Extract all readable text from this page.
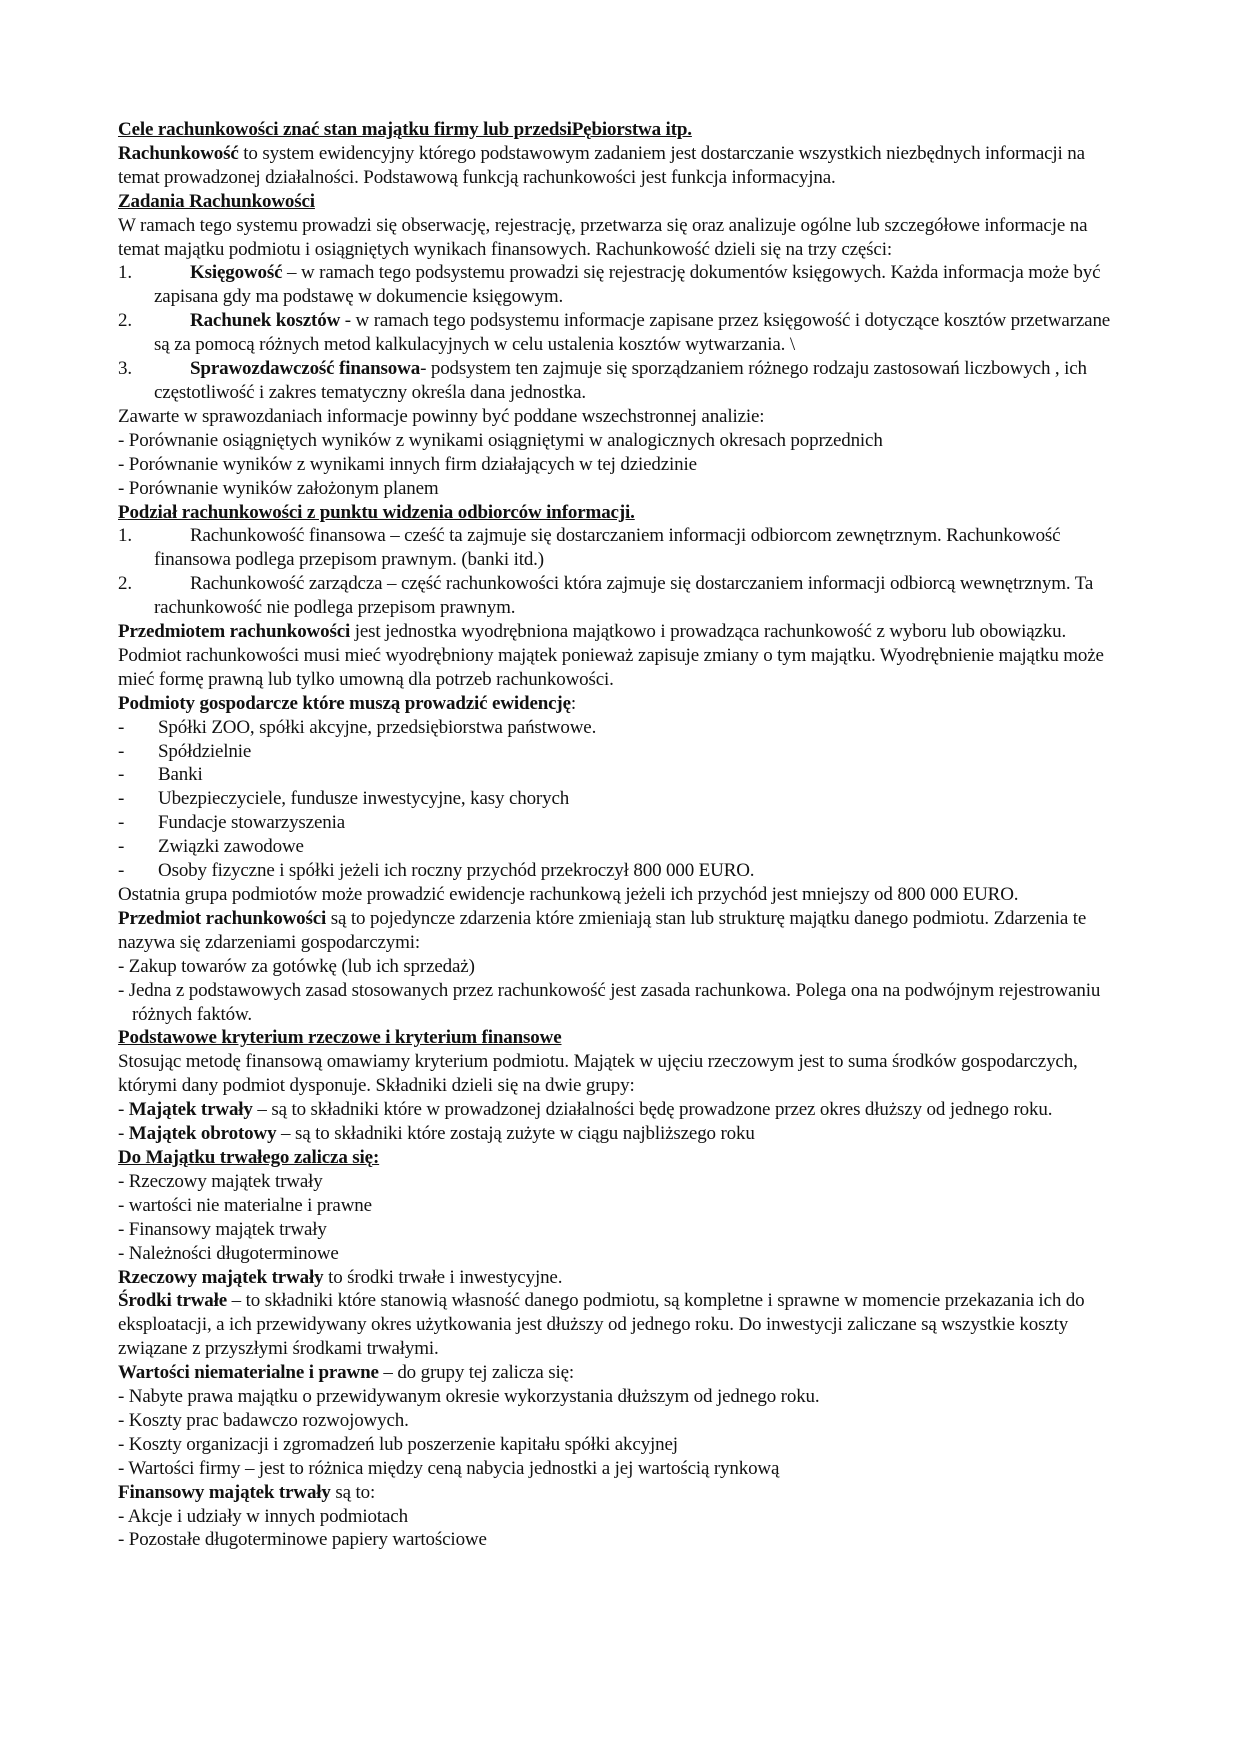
Cele rachunkowości znać stan majątku firmy lub przedsiPębiorstwa itp.

Rachunkowość to system ewidencyjny którego podstawowym zadaniem jest dostarczanie wszystkich niezbędnych informacji na temat prowadzonej działalności. Podstawową funkcją rachunkowości jest funkcja informacyjna.

Zadania Rachunkowości

W ramach tego systemu prowadzi się obserwację, rejestrację, przetwarza się oraz analizuje ogólne lub szczegółowe informacje na temat majątku podmiotu i osiągniętych wynikach finansowych. Rachunkowość dzieli się na trzy części:

1.	Księgowość – w ramach tego podsystemu prowadzi się rejestrację dokumentów księgowych. Każda informacja może być zapisana gdy ma podstawę w dokumencie księgowym.

2.	Rachunek kosztów - w ramach tego podsystemu informacje zapisane przez księgowość i dotyczące kosztów przetwarzane są za pomocą różnych metod kalkulacyjnych w celu ustalenia kosztów wytwarzania. \

3.	Sprawozdawczość finansowa- podsystem ten zajmuje się sporządzaniem różnego rodzaju zastosowań liczbowych , ich częstotliwość i zakres tematyczny określa dana jednostka.

Zawarte w sprawozdaniach informacje powinny być poddane wszechstronnej analizie:

- Porównanie osiągniętych wyników z wynikami osiągniętymi w analogicznych okresach poprzednich

- Porównanie wyników z wynikami innych firm działających w tej dziedzinie

- Porównanie wyników założonym planem

Podział rachunkowości z punktu widzenia odbiorców informacji.

1.	Rachunkowość finansowa – cześć ta zajmuje się dostarczaniem informacji odbiorcom zewnętrznym. Rachunkowość finansowa podlega przepisom prawnym. (banki itd.)

2.	Rachunkowość zarządcza – część rachunkowości która zajmuje się dostarczaniem informacji odbiorcą wewnętrznym. Ta rachunkowość nie podlega przepisom prawnym.

Przedmiotem rachunkowości jest jednostka wyodrębniona majątkowo i prowadząca rachunkowość z wyboru lub obowiązku. Podmiot rachunkowości musi mieć wyodrębniony majątek ponieważ zapisuje zmiany o tym majątku. Wyodrębnienie majątku może mieć formę prawną lub tylko umowną dla potrzeb rachunkowości.

Podmioty gospodarcze które muszą prowadzić ewidencję:

- Spółki ZOO, spółki akcyjne, przedsiębiorstwa państwowe.

- Spółdzielnie

- Banki

- Ubezpieczyciele, fundusze inwestycyjne, kasy chorych

- Fundacje stowarzyszenia

- Związki zawodowe

- Osoby fizyczne i spółki jeżeli ich roczny przychód przekroczył 800 000 EURO.

Ostatnia grupa podmiotów może prowadzić ewidencje rachunkową jeżeli ich przychód jest mniejszy od 800 000 EURO.

Przedmiot rachunkowości są to pojedyncze zdarzenia które zmieniają stan lub strukturę majątku danego podmiotu. Zdarzenia te nazywa się zdarzeniami gospodarczymi:

- Zakup towarów za gotówkę (lub ich sprzedaż)

- Jedna z podstawowych zasad stosowanych przez rachunkowość jest zasada rachunkowa. Polega ona na podwójnym rejestrowaniu różnych faktów.

Podstawowe kryterium rzeczowe i kryterium finansowe

Stosując metodę finansową omawiamy kryterium podmiotu. Majątek w ujęciu rzeczowym jest to suma środków gospodarczych, którymi dany podmiot dysponuje. Składniki dzieli się na dwie grupy:

- Majątek trwały – są to składniki które w prowadzonej działalności będę prowadzone przez okres dłuższy od jednego roku.

- Majątek obrotowy – są to składniki które zostają zużyte w ciągu najbliższego roku

Do Majątku trwałego zalicza się:

- Rzeczowy majątek trwały

- wartości nie materialne i prawne

- Finansowy majątek trwały

- Należności długoterminowe

Rzeczowy majątek trwały to środki trwałe i inwestycyjne.

Środki trwałe – to składniki które stanowią własność danego podmiotu, są kompletne i sprawne w momencie przekazania ich do eksploatacji, a ich przewidywany okres użytkowania jest dłuższy od jednego roku. Do inwestycji zaliczane są wszystkie koszty związane z przyszłymi środkami trwałymi.

Wartości niematerialne i prawne – do grupy tej zalicza się:

- Nabyte prawa majątku o przewidywanym okresie wykorzystania dłuższym od jednego roku.

- Koszty prac badawczo rozwojowych.

- Koszty organizacji i zgromadzeń lub poszerzenie kapitału spółki akcyjnej

- Wartości firmy – jest to różnica między ceną nabycia jednostki a jej wartością rynkową

Finansowy majątek trwały są to:

- Akcje i udziały w innych podmiotach

- Pozostałe długoterminowe papiery wartościowe
